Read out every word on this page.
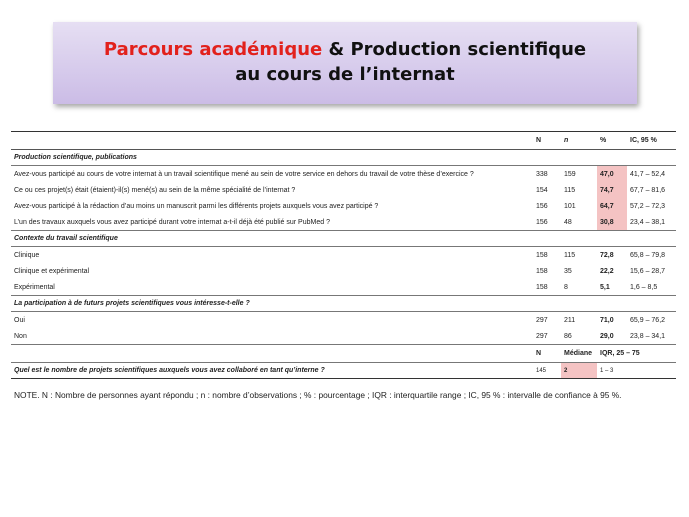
Parcours académique & Production scientifique
au cours de l’internat
	N	n	%	IC, 95 %
Production scientifique, publications				
Avez-vous participé au cours de votre internat à un travail scientifique mené au sein de votre service en dehors du travail de votre thèse d’exercice ?	338	159	47,0	41,7 – 52,4
Ce ou ces projet(s) était (étaient)-il(s) mené(s) au sein de la même spécialité de l’internat ?	154	115	74,7	67,7 – 81,6
Avez-vous participé à la rédaction d’au moins un manuscrit parmi les différents projets auxquels vous avez participé ?	156	101	64,7	57,2 – 72,3
L’un des travaux auxquels vous avez participé durant votre internat a-t-il déjà été publié sur PubMed ?	156	48	30,8	23,4 – 38,1
Contexte du travail scientifique				
Clinique	158	115	72,8	65,8 – 79,8
Clinique et expérimental	158	35	22,2	15,6 – 28,7
Expérimental	158	8	5,1	1,6 – 8,5
La participation à de futurs projets scientifiques vous intéresse-t-elle ?				
Oui	297	211	71,0	65,9 – 76,2
Non	297	86	29,0	23,8 – 34,1
	N	Médiane	IQR, 25 – 75	
Quel est le nombre de projets scientifiques auxquels vous avez collaboré en tant qu’interne ?	145	2	1 – 3	
NOTE. N : Nombre de personnes ayant répondu ; n : nombre d’observations ; % : pourcentage ; IQR : interquartile range ; IC, 95 % : intervalle de confiance à 95 %.
